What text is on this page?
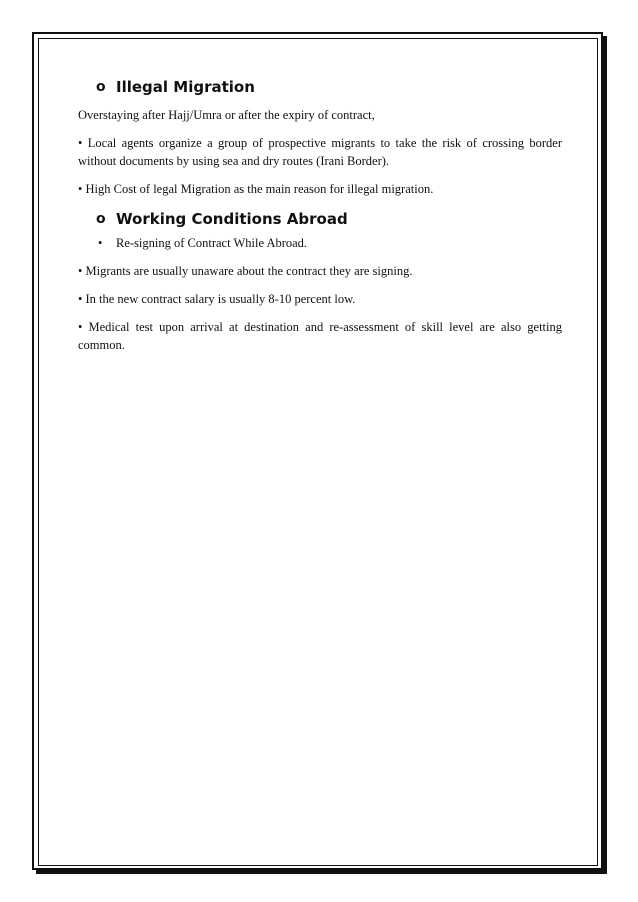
o Illegal Migration

Overstaying after Hajj/Umra or after the expiry of contract,

• Local agents organize a group of prospective migrants to take the risk of crossing border without documents by using sea and dry routes (Irani Border).

• High Cost of legal Migration as the main reason for illegal migration.

o Working Conditions Abroad
• Re-signing of Contract While Abroad.

• Migrants are usually unaware about the contract they are signing.

• In the new contract salary is usually 8-10 percent low.

• Medical test upon arrival at destination and re-assessment of skill level are also getting common.
